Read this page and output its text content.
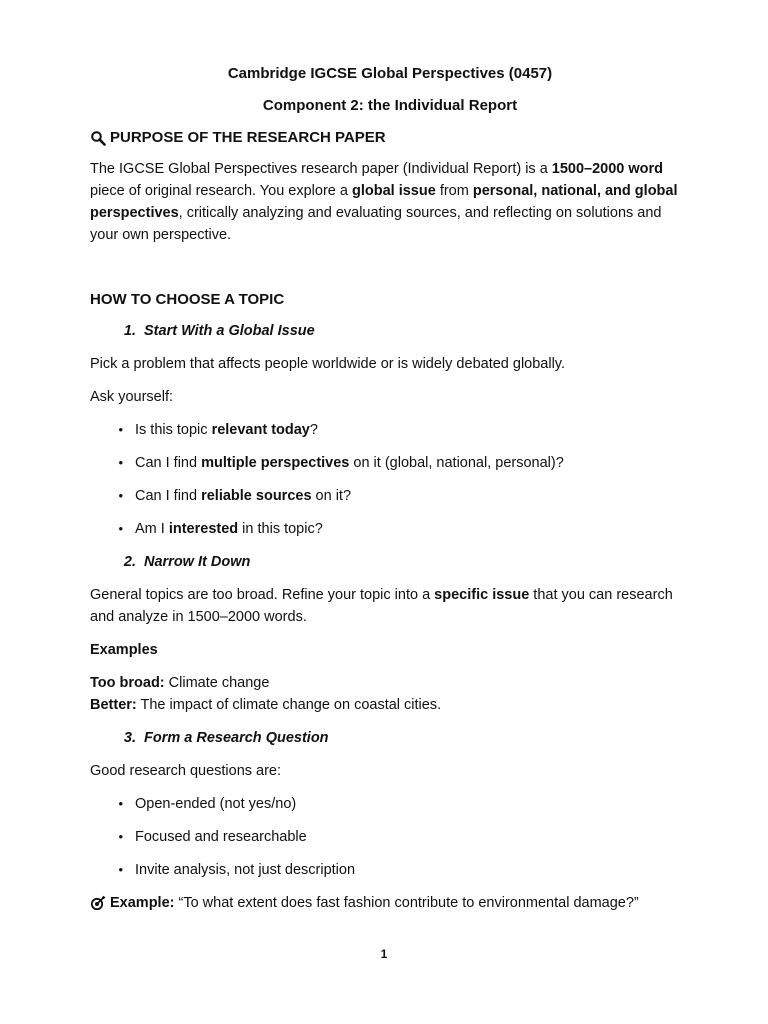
Cambridge IGCSE Global Perspectives (0457)
Component 2: the Individual Report
PURPOSE OF THE RESEARCH PAPER

The IGCSE Global Perspectives research paper (Individual Report) is a 1500–2000 word piece of original research. You explore a global issue from personal, national, and global perspectives, critically analyzing and evaluating sources, and reflecting on solutions and your own perspective.

HOW TO CHOOSE A TOPIC
1. Start With a Global Issue

Pick a problem that affects people worldwide or is widely debated globally.

Ask yourself:

• Is this topic relevant today?
• Can I find multiple perspectives on it (global, national, personal)?
• Can I find reliable sources on it?
• Am I interested in this topic?
2. Narrow It Down

General topics are too broad. Refine your topic into a specific issue that you can research and analyze in 1500–2000 words.

Examples

Too broad: Climate change
Better: The impact of climate change on coastal cities.

3. Form a Research Question

Good research questions are:

• Open-ended (not yes/no)
• Focused and researchable
• Invite analysis, not just description
Example: “To what extent does fast fashion contribute to environmental damage?”
1
